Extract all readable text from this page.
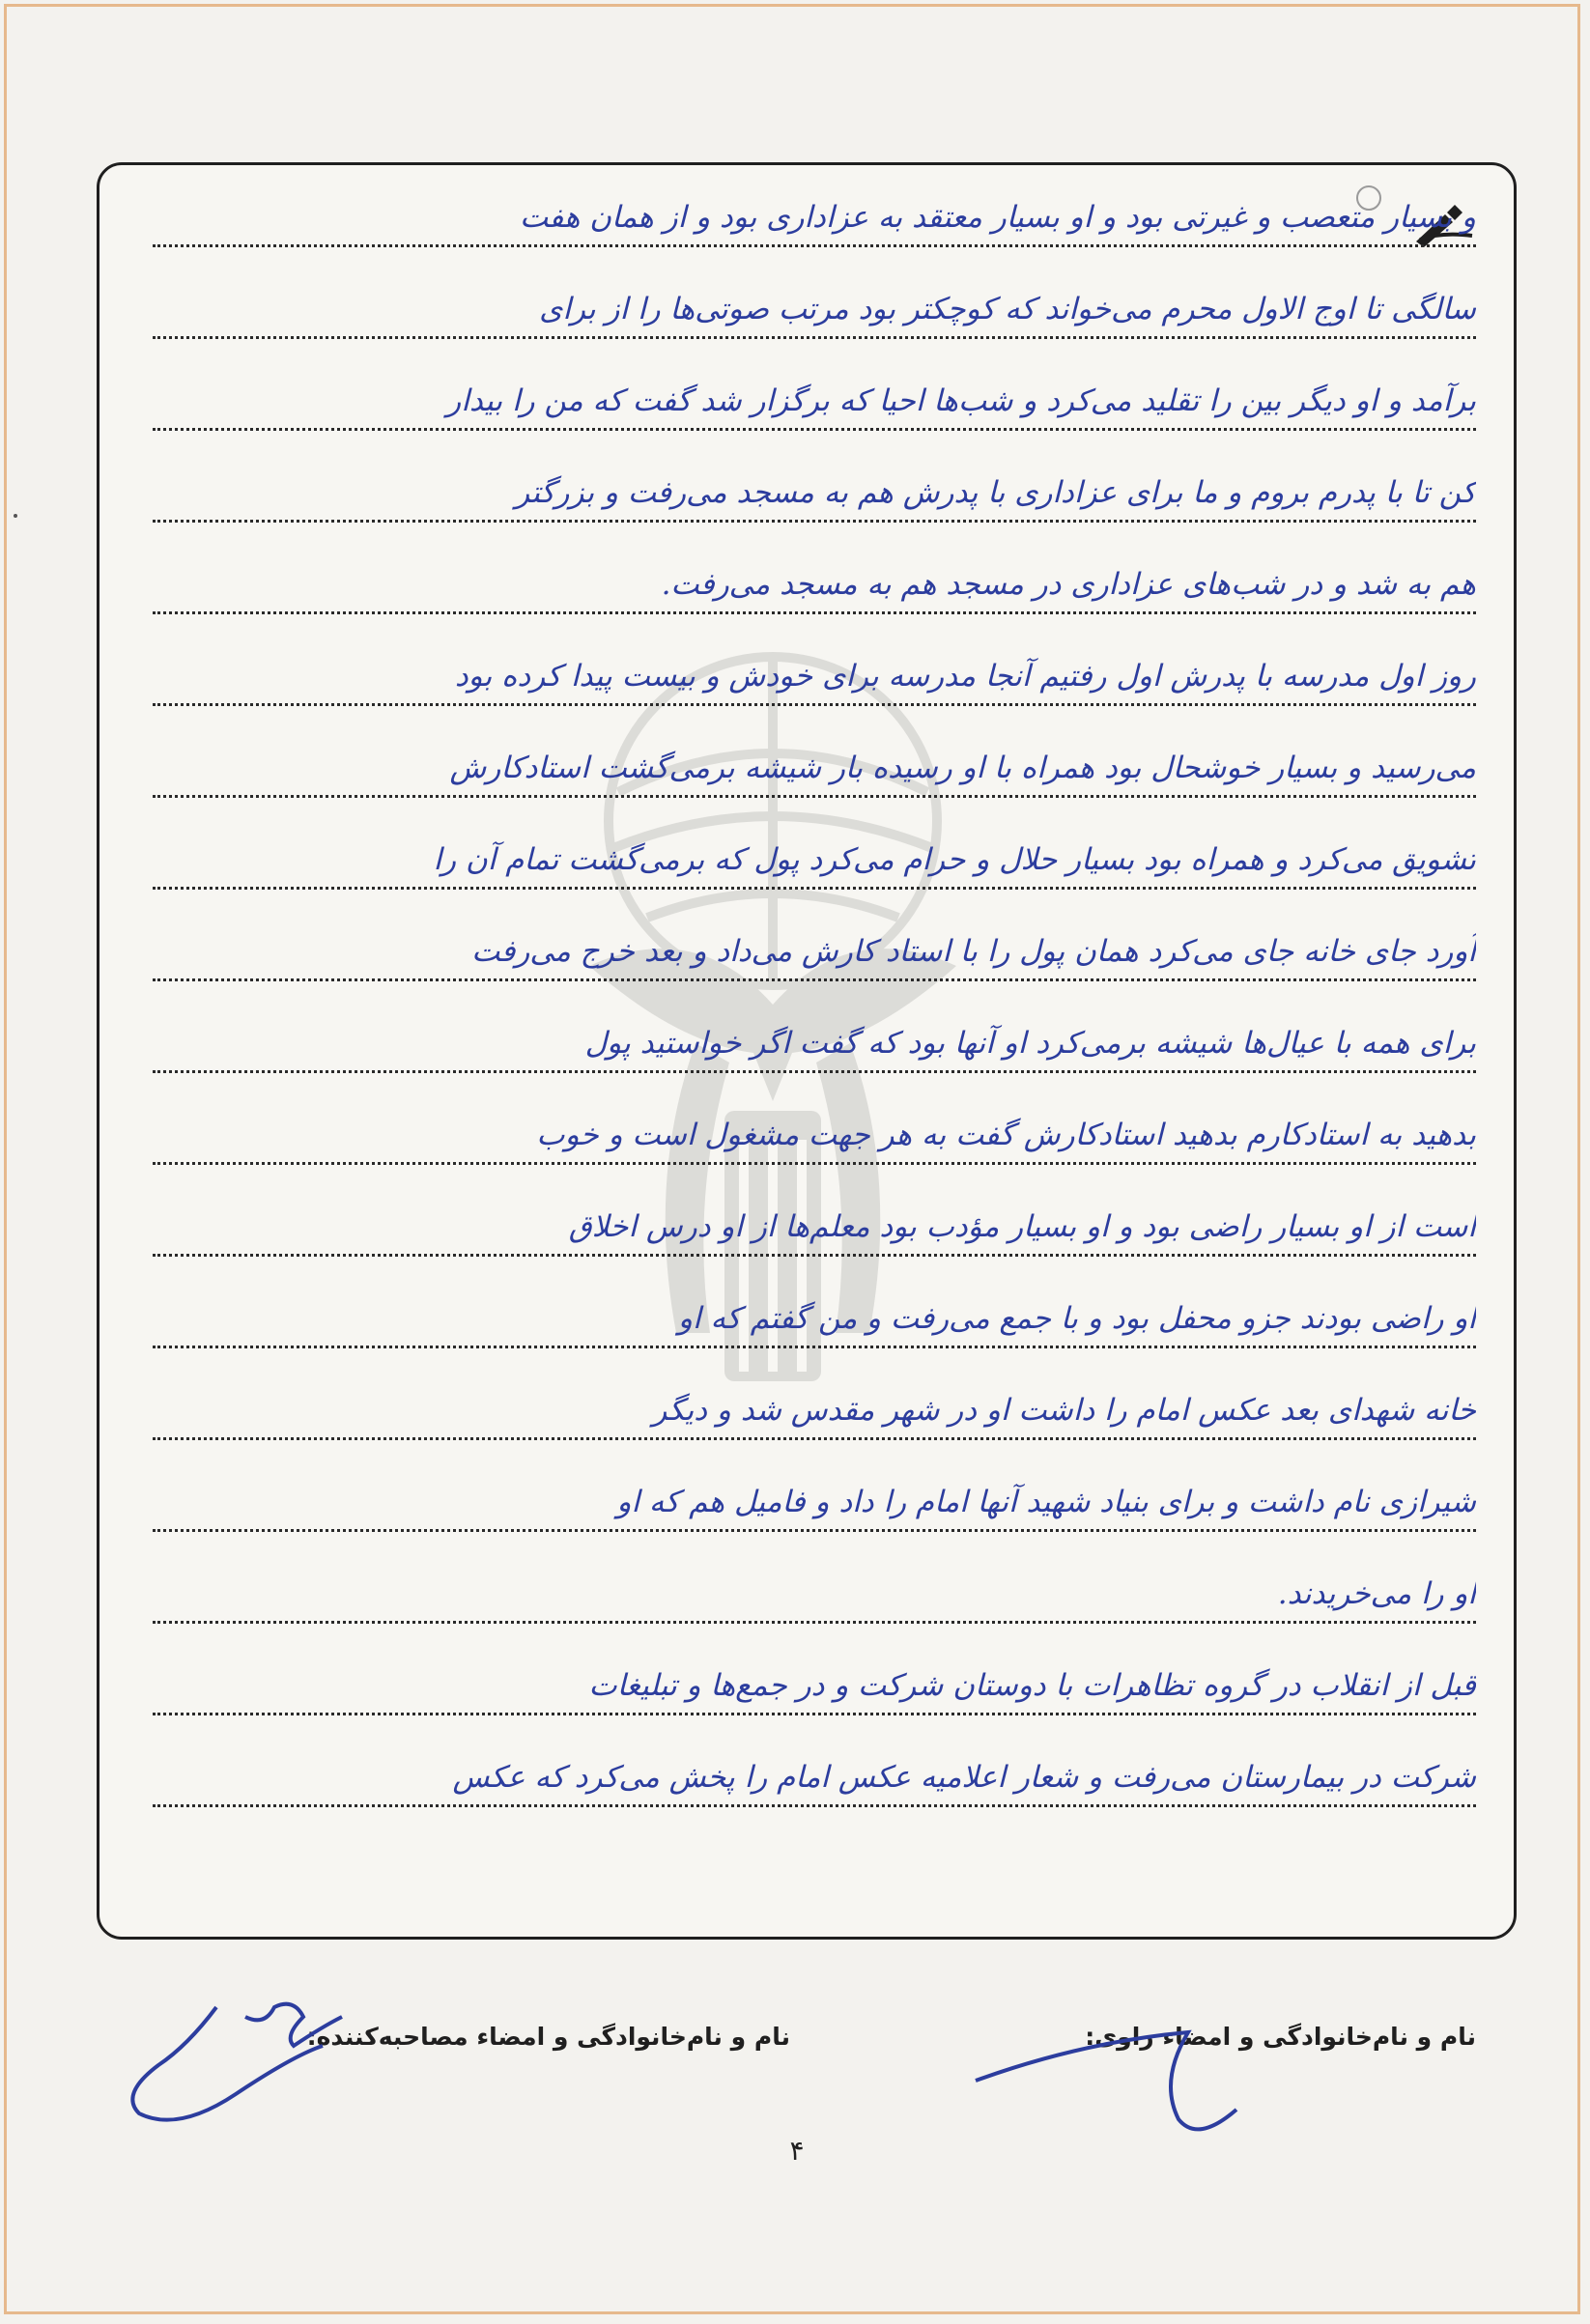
و بسیار متعصب و غیرتی بود و او بسیار معتقد به عزاداری بود و از همان هفت
سالگی تا اوج الاول محرم می‌خواند که کوچکتر بود مرتب صوتی‌ها را از برای
برآمد و او دیگر بین را تقلید می‌کرد و شب‌ها احیا که برگزار شد گفت که من را بیدار
کن تا با پدرم بروم و ما برای عزاداری با پدرش هم به مسجد می‌رفت و بزرگتر
هم به شد و در شب‌های عزاداری در مسجد هم به مسجد می‌رفت.
روز اول مدرسه با پدرش اول رفتیم آنجا مدرسه برای خودش و بیست پیدا کرده بود
می‌رسید و بسیار خوشحال بود همراه با او رسیده بار شیشه برمی‌گشت استادکارش
تشویق می‌کرد و همراه بود بسیار حلال و حرام می‌کرد پول که برمی‌گشت تمام آن را
آورد جای خانه جای می‌کرد همان پول را با استاد کارش می‌داد و بعد خرج می‌رفت
برای همه با عیال‌ها شیشه برمی‌کرد او آنها بود که گفت اگر خواستید پول
بدهید به استادکارم بدهید استادکارش گفت به هر جهت مشغول است و خوب
است از او بسیار راضی بود و او بسیار مؤدب بود معلم‌ها از او درس اخلاق
او راضی بودند جزو محفل بود و با جمع می‌رفت و من گفتم که او
خانه شهدای بعد عکس امام را داشت او در شهر مقدس شد و دیگر
شیرازی نام داشت و برای بنیاد شهید آنها امام را داد و فامیل هم که او
او را می‌خریدند.
قبل از انقلاب در گروه تظاهرات با دوستان شرکت و در جمع‌ها و تبلیغات
شرکت در بیمارستان می‌رفت و شعار اعلامیه عکس امام را پخش می‌کرد که عکس
نام و نام‌خانوادگی و امضاء راوی:
نام و نام‌خانوادگی و امضاء مصاحبه‌کننده:
۴
